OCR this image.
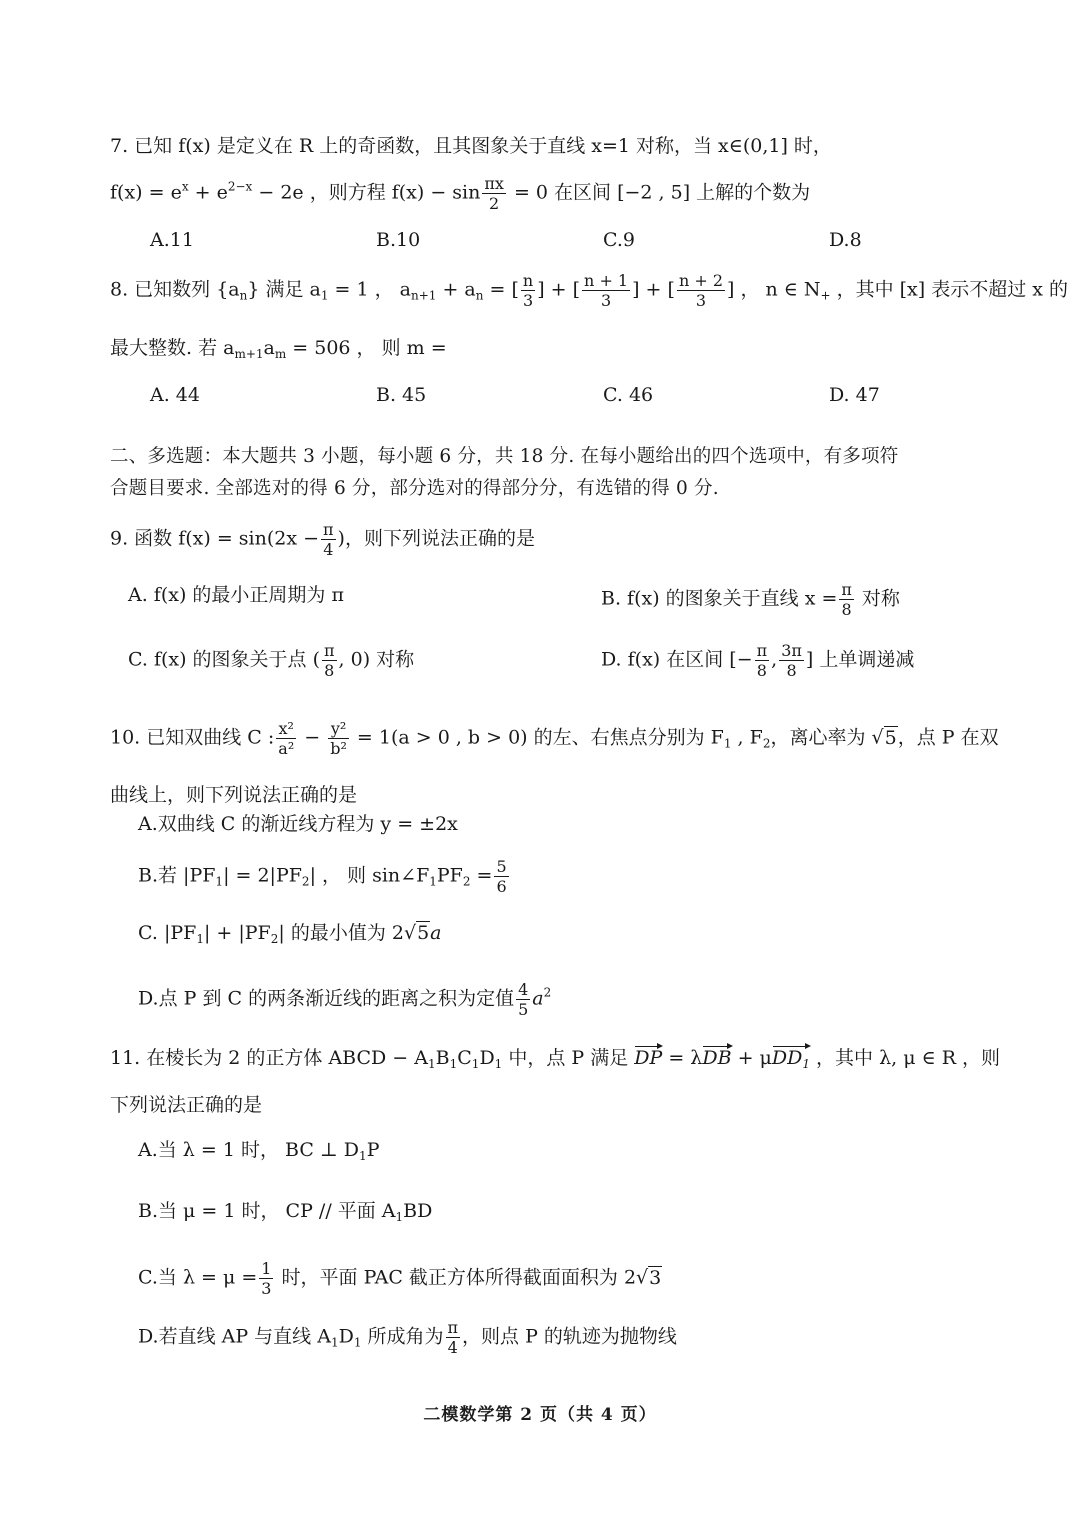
7. 已知 f(x) 是定义在 R 上的奇函数，且其图象关于直线 x=1 对称，当 x∈(0,1] 时，
$f(x) = e^x + e^{2-x} - 2e$ ，则方程 $f(x) - \sin \frac{\pi x}{2} = 0$ 在区间 [−2 , 5] 上解的个数为
A.11	B.10	C.9	D.8
8. 已知数列 $\{a_n\}$ 满足 $a_1 = 1$ ， $a_{n+1} + a_n$ = [ $\frac{n}{3}$ ] + [ $\frac{n + 1}{3}$ ] + [ $\frac{n + 2}{3}$ ] ， n ∈ $N_+$ ，其中 [x] 表示不超过 x 的
最大整数. 若 $a_{m+1}a_m = 506$ ， 则 m =
A. 44	B. 45	C. 46	D. 47
二、多选题：本大题共 3 小题，每小题 6 分，共 18 分. 在每小题给出的四个选项中，有多项符
合题目要求. 全部选对的得 6 分，部分选对的得部分分，有选错的得 0 分.
9. 函数 $f(x) = \sin(2x - \frac{\pi}{4}$ )，则下列说法正确的是
A. f(x) 的最小正周期为 π	B. f(x) 的图象关于直线 $x = \frac{\pi}{8}$ 对称
C. f(x) 的图象关于点 ( $\frac{\pi}{8}$ , 0) 对称	D. f(x) 在区间 [− $\frac{\pi}{8}$ , $\frac{3\pi}{8}$ ] 上单调递减
10. 已知双曲线 C : $\frac{\text{x²}}{\text{a²}} - \frac{\text{y²}}{\text{b²}} = 1(a > 0$ , b > 0) 的左、右焦点分别为 $F_1$ , $F_2$，离心率为 √5，点 P 在双
曲线上，则下列说法正确的是
A.双曲线 C 的渐近线方程为 y = ±2x
B.若 $|PF_1| = 2|PF_2|$ ， 则 $\sin\angle F_1PF_2 = \frac{5}{6}$
C. $|PF_1| + |PF_2|$ 的最小值为 2√5a
D.点 P 到 C 的两条渐近线的距离之积为定值 $\frac{4}{5} a^2$
11. 在棱长为 2 的正方体 ABCD − $A_1B_1C_1D_1$ 中，点 P 满足 DP = λDB + μDD$_1$ ，其中 λ, μ ∈ R ，则
下列说法正确的是
A.当 λ = 1 时， BC ⊥ $D_1P$
B.当 μ = 1 时， CP // 平面 $A_1BD$
C.当 $\lambda = \mu = \frac{1}{3}$ 时，平面 PAC 截正方体所得截面面积为 2√3
D.若直线 AP 与直线 $A_1D_1$ 所成角为 $\frac{\pi}{4}$ ，则点 P 的轨迹为抛物线
二模数学第 2 页（共 4 页）
